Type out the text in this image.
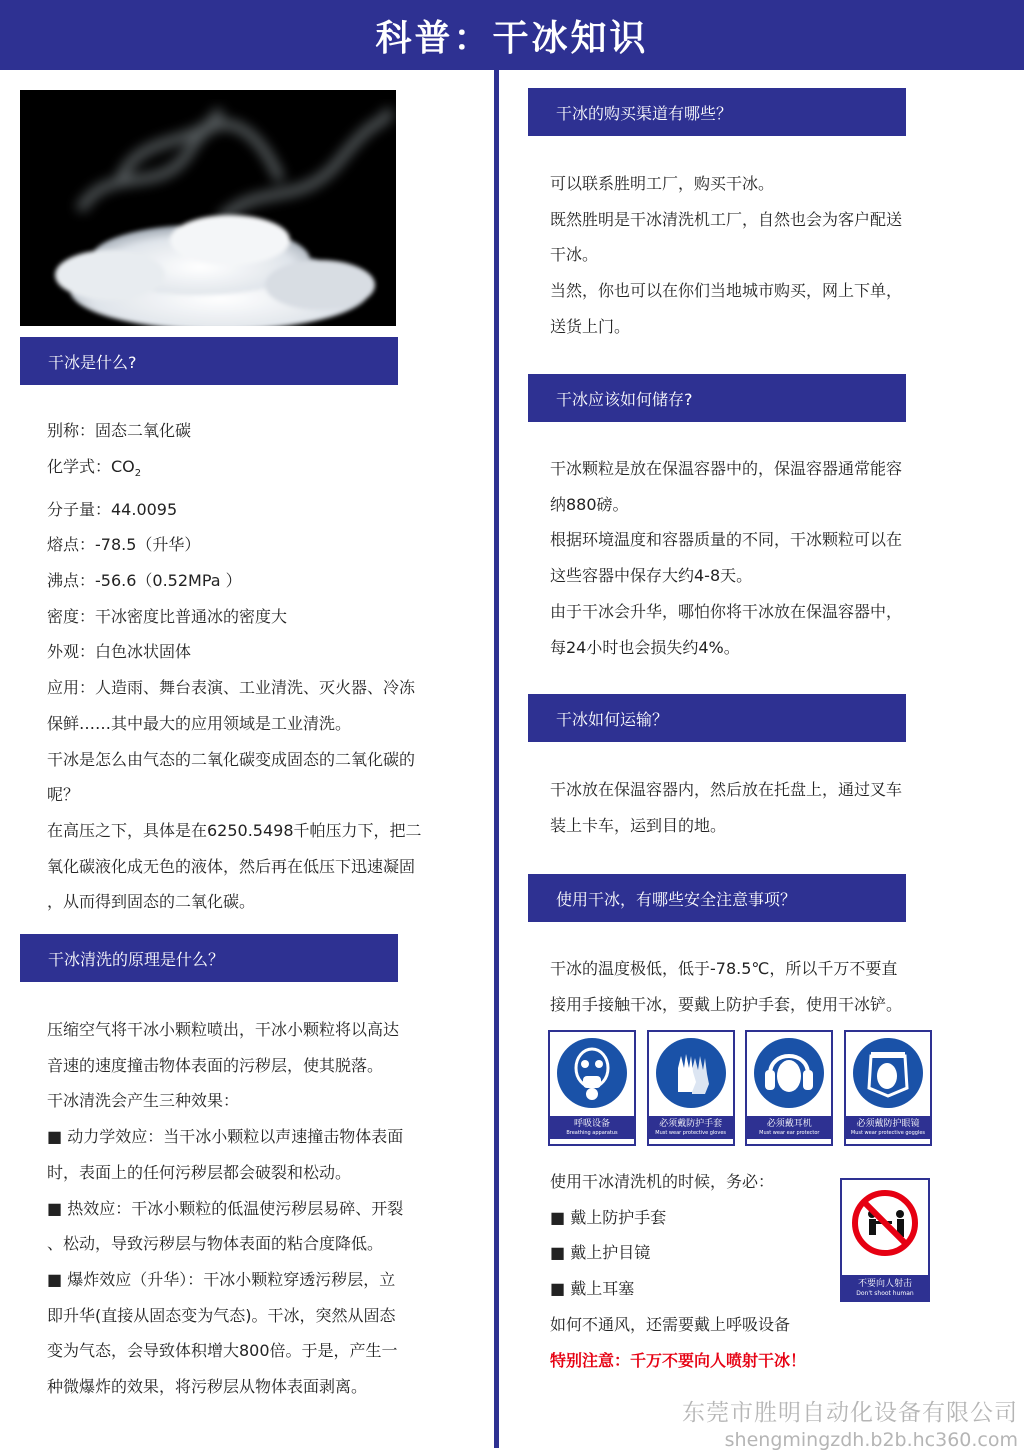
科普：干冰知识
干冰是什么?

别称：固态二氧化碳

化学式：$CO_2$

分子量：44.0095

熔点：-78.5（升华）

沸点：-56.6（0.52MPa ）

密度：干冰密度比普通冰的密度大

外观：白色冰状固体

应用：人造雨、舞台表演、工业清洗、灭火器、冷冻

保鲜……其中最大的应用领域是工业清洗。

干冰是怎么由气态的二氧化碳变成固态的二氧化碳的

呢？

在高压之下，具体是在6250.5498千帕压力下，把二

氧化碳液化成无色的液体，然后再在低压下迅速凝固

，从而得到固态的二氧化碳。

干冰清洗的原理是什么？

压缩空气将干冰小颗粒喷出，干冰小颗粒将以高达

音速的速度撞击物体表面的污秽层，使其脱落。

干冰清洗会产生三种效果：

■ 动力学效应：当干冰小颗粒以声速撞击物体表面

时，表面上的任何污秽层都会破裂和松动。

■ 热效应：干冰小颗粒的低温使污秽层易碎、开裂

、松动，导致污秽层与物体表面的粘合度降低。

■ 爆炸效应（升华）：干冰小颗粒穿透污秽层，立

即升华(直接从固态变为气态)。干冰，突然从固态

变为气态，会导致体积增大800倍。于是，产生一

种微爆炸的效果，将污秽层从物体表面剥离。

干冰的购买渠道有哪些？

可以联系胜明工厂，购买干冰。

既然胜明是干冰清洗机工厂，自然也会为客户配送

干冰。

当然，你也可以在你们当地城市购买，网上下单，

送货上门。

干冰应该如何储存?

干冰颗粒是放在保温容器中的，保温容器通常能容

纳880磅。

根据环境温度和容器质量的不同，干冰颗粒可以在

这些容器中保存大约4-8天。

由于干冰会升华，哪怕你将干冰放在保温容器中，

每24小时也会损失约4%。

干冰如何运输？

干冰放在保温容器内，然后放在托盘上，通过叉车

装上卡车，运到目的地。

使用干冰，有哪些安全注意事项？

干冰的温度极低，低于-78.5℃，所以千万不要直

接用手接触干冰，要戴上防护手套，使用干冰铲。

呼吸设备
Breathing apparatus
必须戴防护手套
Must wear protective gloves
必须戴耳机
Must wear ear protector
必须戴防护眼镜
Must wear protective goggles

使用干冰清洗机的时候，务必：

■ 戴上防护手套

■ 戴上护目镜

■ 戴上耳塞

如何不通风，还需要戴上呼吸设备

特别注意：千万不要向人喷射干冰！

不要向人射击
Don't shoot human
东莞市胜明自动化设备有限公司
shengmingzdh.b2b.hc360.com
